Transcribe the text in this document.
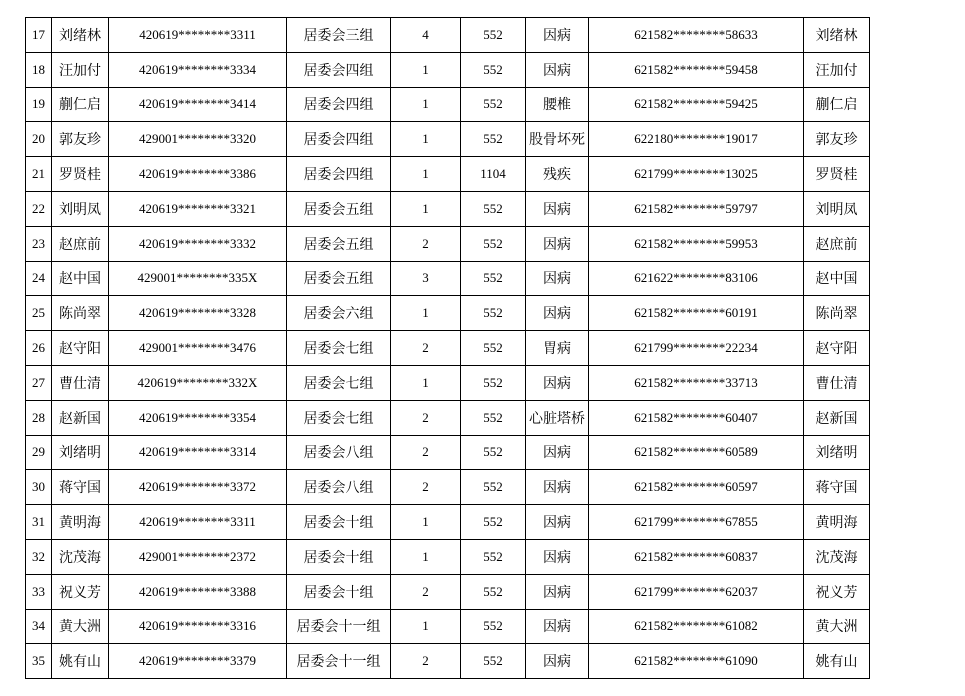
17	刘绪林	420619********3311	居委会三组	4	552	因病	621582********58633	刘绪林
18	汪加付	420619********3334	居委会四组	1	552	因病	621582********59458	汪加付
19	蒯仁启	420619********3414	居委会四组	1	552	腰椎	621582********59425	蒯仁启
20	郭友珍	429001********3320	居委会四组	1	552	股骨坏死	622180********19017	郭友珍
21	罗贤桂	420619********3386	居委会四组	1	1104	残疾	621799********13025	罗贤桂
22	刘明凤	420619********3321	居委会五组	1	552	因病	621582********59797	刘明凤
23	赵庶前	420619********3332	居委会五组	2	552	因病	621582********59953	赵庶前
24	赵中国	429001********335X	居委会五组	3	552	因病	621622********83106	赵中国
25	陈尚翠	420619********3328	居委会六组	1	552	因病	621582********60191	陈尚翠
26	赵守阳	429001********3476	居委会七组	2	552	胃病	621799********22234	赵守阳
27	曹仕清	420619********332X	居委会七组	1	552	因病	621582********33713	曹仕清
28	赵新国	420619********3354	居委会七组	2	552	心脏塔桥	621582********60407	赵新国
29	刘绪明	420619********3314	居委会八组	2	552	因病	621582********60589	刘绪明
30	蒋守国	420619********3372	居委会八组	2	552	因病	621582********60597	蒋守国
31	黄明海	420619********3311	居委会十组	1	552	因病	621799********67855	黄明海
32	沈茂海	429001********2372	居委会十组	1	552	因病	621582********60837	沈茂海
33	祝义芳	420619********3388	居委会十组	2	552	因病	621799********62037	祝义芳
34	黄大洲	420619********3316	居委会十一组	1	552	因病	621582********61082	黄大洲
35	姚有山	420619********3379	居委会十一组	2	552	因病	621582********61090	姚有山
